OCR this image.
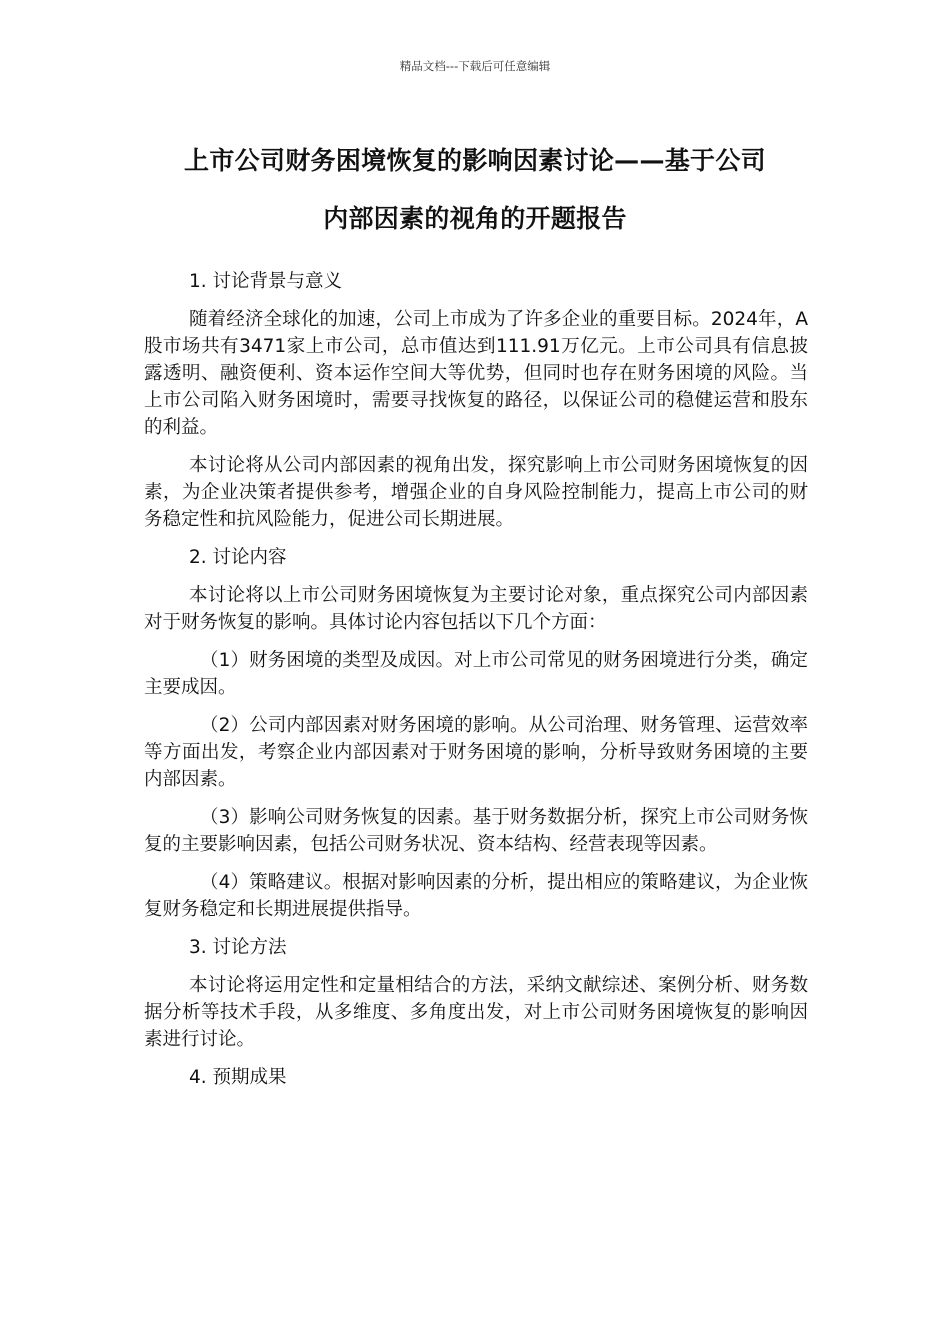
精品文档---下载后可任意编辑
上市公司财务困境恢复的影响因素讨论——基于公司
内部因素的视角的开题报告

1. 讨论背景与意义

随着经济全球化的加速，公司上市成为了许多企业的重要目标。2024年，A股市场共有3471家上市公司，总市值达到111.91万亿元。上市公司具有信息披露透明、融资便利、资本运作空间大等优势，但同时也存在财务困境的风险。当上市公司陷入财务困境时，需要寻找恢复的路径，以保证公司的稳健运营和股东的利益。

本讨论将从公司内部因素的视角出发，探究影响上市公司财务困境恢复的因素，为企业决策者提供参考，增强企业的自身风险控制能力，提高上市公司的财务稳定性和抗风险能力，促进公司长期进展。

2. 讨论内容

本讨论将以上市公司财务困境恢复为主要讨论对象，重点探究公司内部因素对于财务恢复的影响。具体讨论内容包括以下几个方面：

（1）财务困境的类型及成因。对上市公司常见的财务困境进行分类，确定主要成因。

（2）公司内部因素对财务困境的影响。从公司治理、财务管理、运营效率等方面出发，考察企业内部因素对于财务困境的影响，分析导致财务困境的主要内部因素。

（3）影响公司财务恢复的因素。基于财务数据分析，探究上市公司财务恢复的主要影响因素，包括公司财务状况、资本结构、经营表现等因素。

（4）策略建议。根据对影响因素的分析，提出相应的策略建议，为企业恢复财务稳定和长期进展提供指导。

3. 讨论方法

本讨论将运用定性和定量相结合的方法，采纳文献综述、案例分析、财务数据分析等技术手段，从多维度、多角度出发，对上市公司财务困境恢复的影响因素进行讨论。

4. 预期成果
